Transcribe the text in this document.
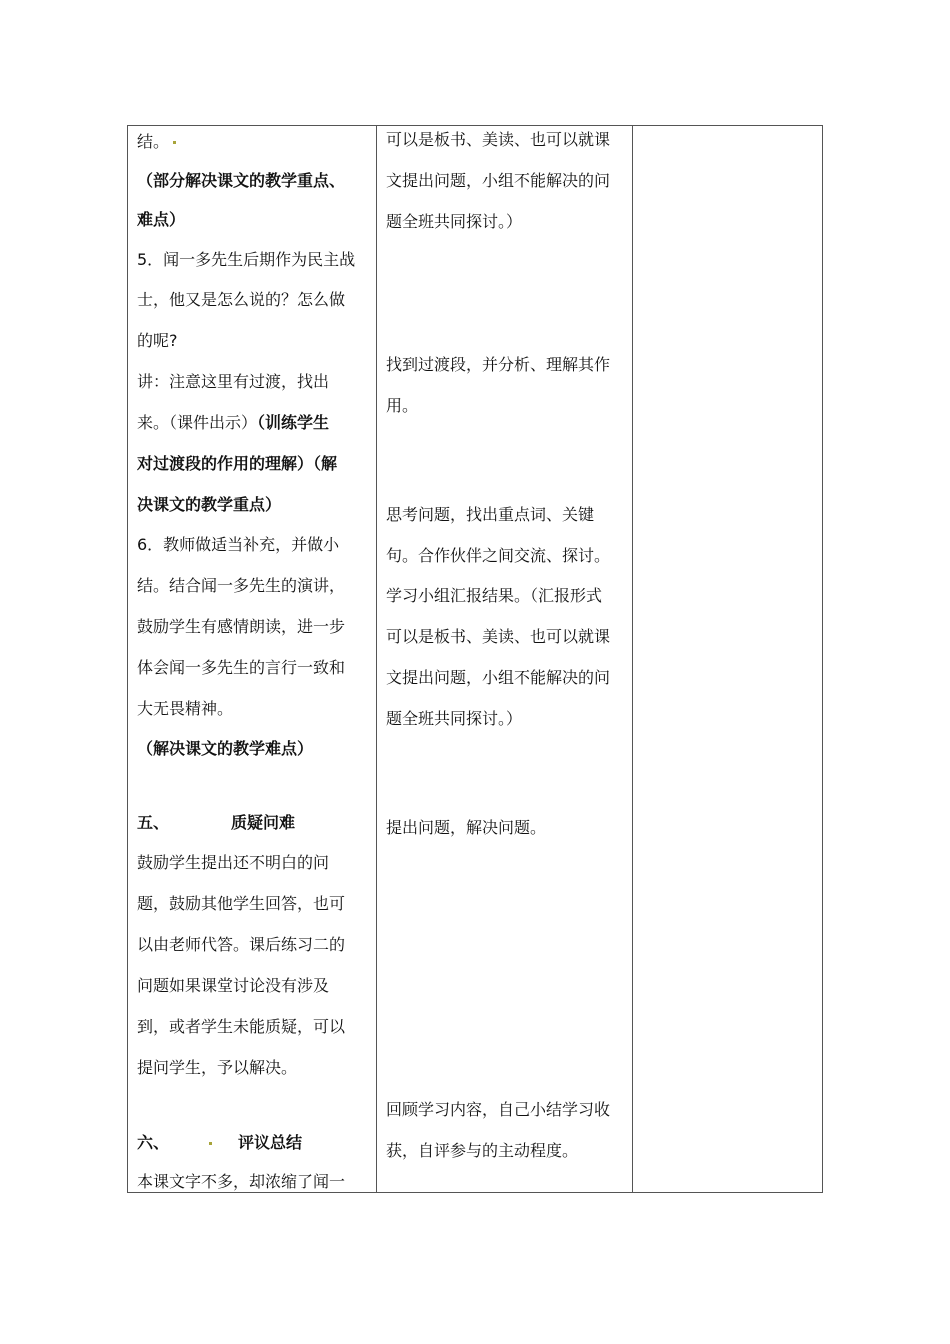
结。
（部分解决课文的教学重点、
难点）
5．闻一多先生后期作为民主战
士，他又是怎么说的？怎么做
的呢?
讲：注意这里有过渡，找出
来。（课件出示）（训练学生
对过渡段的作用的理解）（解
决课文的教学重点）
6．教师做适当补充，并做小
结。结合闻一多先生的演讲，
鼓励学生有感情朗读，进一步
体会闻一多先生的言行一致和
大无畏精神。
（解决课文的教学难点）
五、	质疑问难
鼓励学生提出还不明白的问
题，鼓励其他学生回答，也可
以由老师代答。课后练习二的
问题如果课堂讨论没有涉及
到，或者学生未能质疑，可以
提问学生，予以解决。
六、	评议总结
本课文字不多，却浓缩了闻一
可以是板书、美读、也可以就课
文提出问题，小组不能解决的问
题全班共同探讨。）
找到过渡段，并分析、理解其作
用。
思考问题，找出重点词、关键
句。合作伙伴之间交流、探讨。
学习小组汇报结果。（汇报形式
可以是板书、美读、也可以就课
文提出问题，小组不能解决的问
题全班共同探讨。）
提出问题，解决问题。
回顾学习内容，自己小结学习收
获，自评参与的主动程度。
